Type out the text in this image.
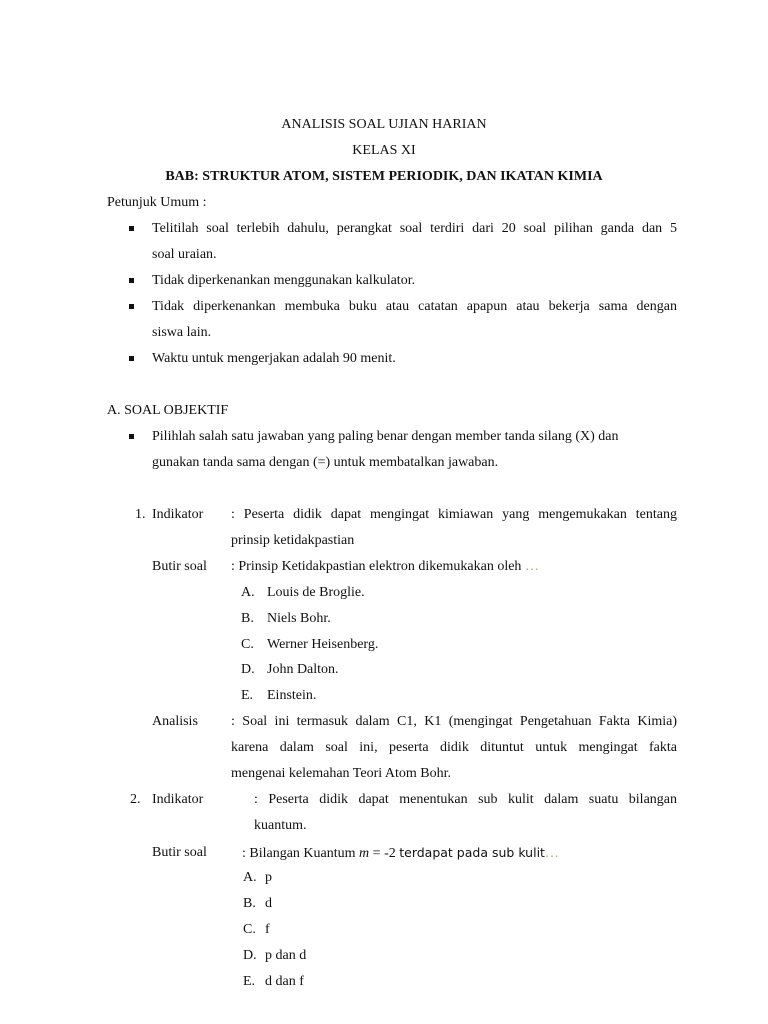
ANALISIS SOAL UJIAN HARIAN
KELAS XI
BAB: STRUKTUR ATOM, SISTEM PERIODIK, DAN IKATAN KIMIA
Petunjuk Umum :
Telitilah soal terlebih dahulu, perangkat soal terdiri dari 20 soal pilihan ganda dan 5
soal uraian.
Tidak diperkenankan menggunakan kalkulator.
Tidak diperkenankan membuka buku atau catatan apapun atau bekerja sama dengan
siswa lain.
Waktu untuk mengerjakan adalah 90 menit.
A. SOAL OBJEKTIF
Pilihlah salah satu jawaban yang paling benar dengan member tanda silang (X) dan
gunakan tanda sama dengan (=) untuk membatalkan jawaban.
1. Indikator : Peserta didik dapat mengingat kimiawan yang mengemukakan tentang
prinsip ketidakpastian
Butir soal : Prinsip Ketidakpastian elektron dikemukakan oleh …
A. Louis de Broglie.
B. Niels Bohr.
C. Werner Heisenberg.
D. John Dalton.
E. Einstein.
Analisis : Soal ini termasuk dalam C1, K1 (mengingat Pengetahuan Fakta Kimia)
karena dalam soal ini, peserta didik dituntut untuk mengingat fakta
mengenai kelemahan Teori Atom Bohr.
2. Indikator	: Peserta didik dapat menentukan sub kulit dalam suatu bilangan
kuantum.
Butir soal	: Bilangan Kuantum m = -2 terdapat pada sub kulit…
A. p
B. d
C. f
D. p dan d
E. d dan f
